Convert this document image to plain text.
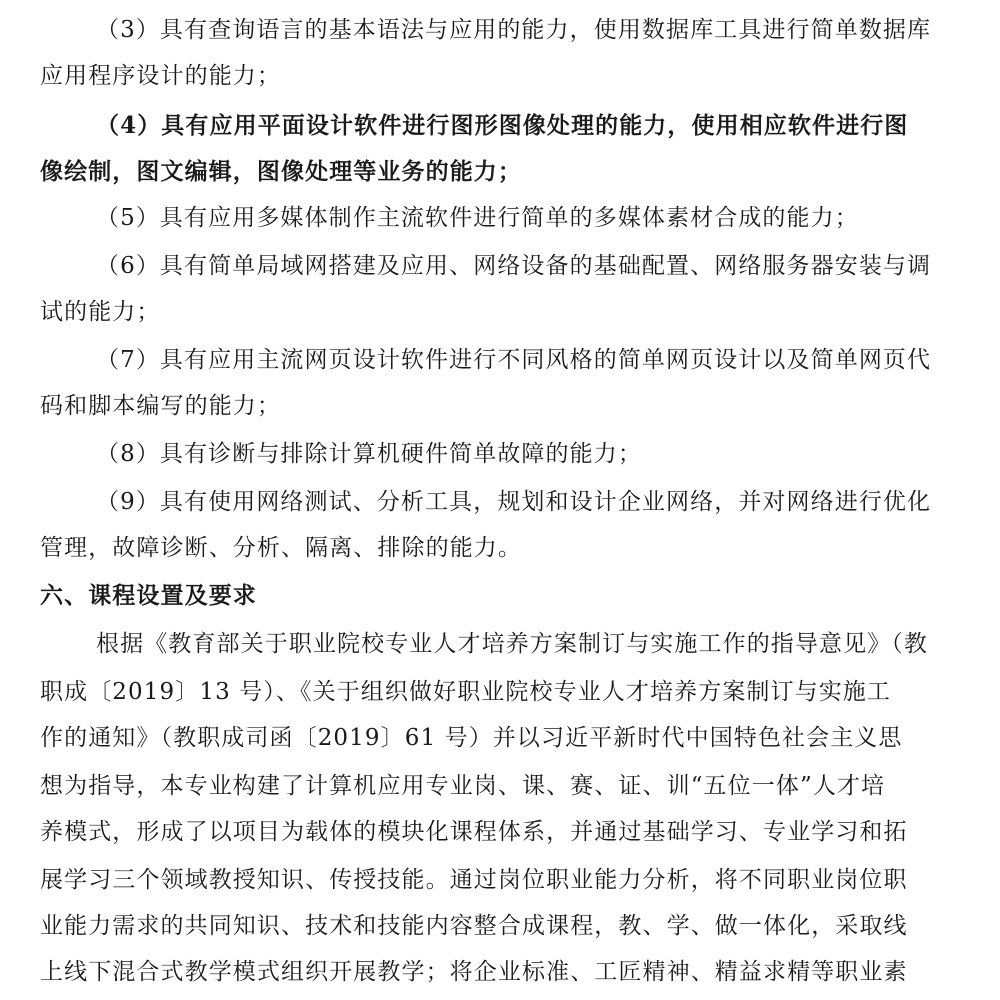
（3）具有查询语言的基本语法与应用的能力，使用数据库工具进行简单数据库
应用程序设计的能力；
（4）具有应用平面设计软件进行图形图像处理的能力，使用相应软件进行图
像绘制，图文编辑，图像处理等业务的能力；
（5）具有应用多媒体制作主流软件进行简单的多媒体素材合成的能力；
（6）具有简单局域网搭建及应用、网络设备的基础配置、网络服务器安装与调
试的能力；
（7）具有应用主流网页设计软件进行不同风格的简单网页设计以及简单网页代
码和脚本编写的能力；
（8）具有诊断与排除计算机硬件简单故障的能力；
（9）具有使用网络测试、分析工具，规划和设计企业网络，并对网络进行优化
管理，故障诊断、分析、隔离、排除的能力。
六、课程设置及要求
根据《教育部关于职业院校专业人才培养方案制订与实施工作的指导意见》（教
职成〔2019〕13 号）、《关于组织做好职业院校专业人才培养方案制订与实施工
作的通知》（教职成司函〔2019〕61 号）并以习近平新时代中国特色社会主义思
想为指导，本专业构建了计算机应用专业岗、课、赛、证、训“五位一体”人才培
养模式，形成了以项目为载体的模块化课程体系，并通过基础学习、专业学习和拓
展学习三个领域教授知识、传授技能。通过岗位职业能力分析，将不同职业岗位职
业能力需求的共同知识、技术和技能内容整合成课程，教、学、做一体化，采取线
上线下混合式教学模式组织开展教学；将企业标准、工匠精神、精益求精等职业素
